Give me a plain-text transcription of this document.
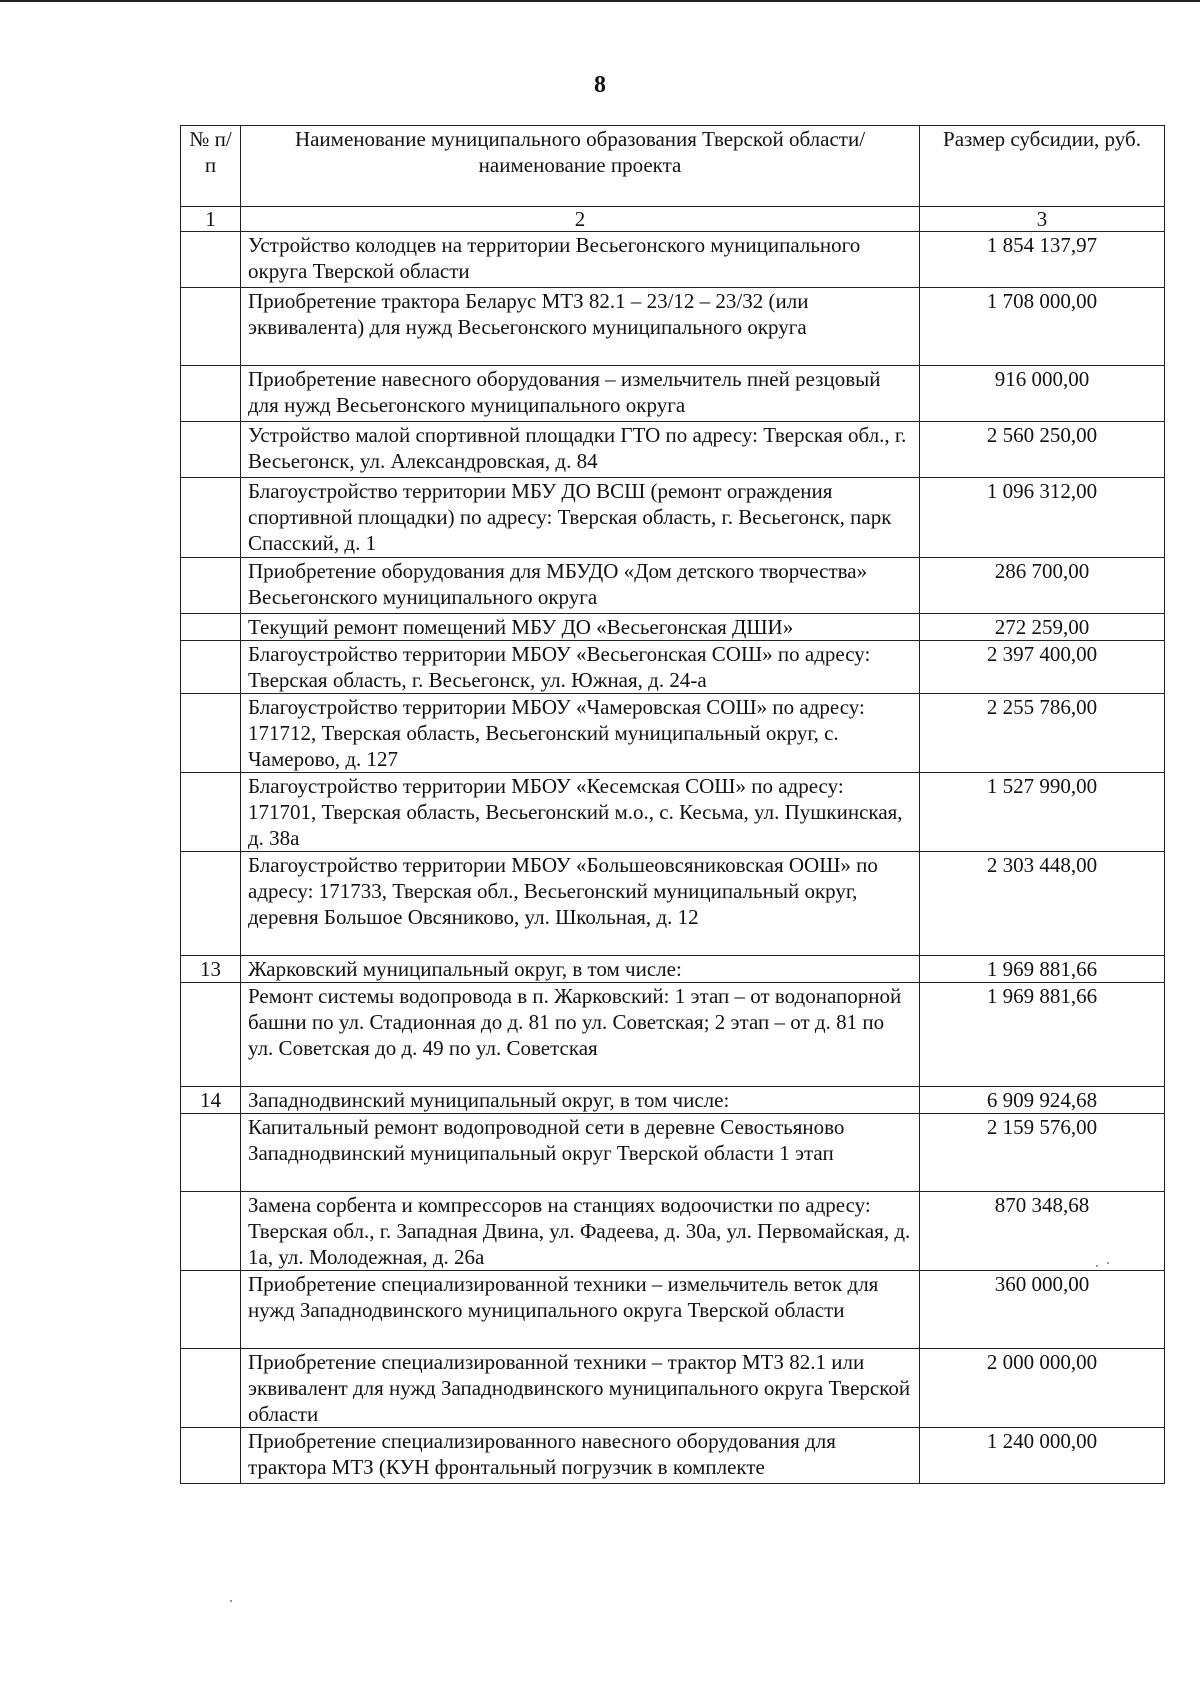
8
№ п/п	Наименование муниципального образования Тверской области/наименование проекта	Размер субсидии, руб.
1	2	3
	Устройство колодцев на территории Весьегонского муниципального округа Тверской области	1 854 137,97
	Приобретение трактора Беларус МТЗ 82.1 – 23/12 – 23/32 (или эквивалента) для нужд Весьегонского муниципального округа	1 708 000,00
	Приобретение навесного оборудования – измельчитель пней резцовый для нужд Весьегонского муниципального округа	916 000,00
	Устройство малой спортивной площадки ГТО по адресу: Тверская обл., г. Весьегонск, ул. Александровская, д. 84	2 560 250,00
	Благоустройство территории МБУ ДО ВСШ (ремонт ограждения спортивной площадки) по адресу: Тверская область, г. Весьегонск, парк Спасский, д. 1	1 096 312,00
	Приобретение оборудования для МБУДО «Дом детского творчества» Весьегонского муниципального округа	286 700,00
	Текущий ремонт помещений МБУ ДО «Весьегонская ДШИ»	272 259,00
	Благоустройство территории МБОУ «Весьегонская СОШ» по адресу: Тверская область, г. Весьегонск, ул. Южная, д. 24-а	2 397 400,00
	Благоустройство территории МБОУ «Чамеровская СОШ» по адресу: 171712, Тверская область, Весьегонский муниципальный округ, с. Чамерово, д. 127	2 255 786,00
	Благоустройство территории МБОУ «Кесемская СОШ» по адресу: 171701, Тверская область, Весьегонский м.о., с. Кесьма, ул. Пушкинская, д. 38а	1 527 990,00
	Благоустройство территории МБОУ «Большеовсяниковская ООШ» по адресу: 171733, Тверская обл., Весьегонский муниципальный округ, деревня Большое Овсяниково, ул. Школьная, д. 12	2 303 448,00
13	Жарковский муниципальный округ, в том числе:	1 969 881,66
	Ремонт системы водопровода в п. Жарковский: 1 этап – от водонапорной башни по ул. Стадионная до д. 81 по ул. Советская; 2 этап – от д. 81 по ул. Советская до д. 49 по ул. Советская	1 969 881,66
14	Западнодвинский муниципальный округ, в том числе:	6 909 924,68
	Капитальный ремонт водопроводной сети в деревне Севостьяново Западнодвинский муниципальный округ Тверской области 1 этап	2 159 576,00
	Замена сорбента и компрессоров на станциях водоочистки по адресу: Тверская обл., г. Западная Двина, ул. Фадеева, д. 30а, ул. Первомайская, д. 1а, ул. Молодежная, д. 26а	870 348,68
	Приобретение специализированной техники – измельчитель веток для нужд Западнодвинского муниципального округа Тверской области	360 000,00
	Приобретение специализированной техники – трактор МТЗ 82.1 или эквивалент для нужд Западнодвинского муниципального округа Тверской области	2 000 000,00
	Приобретение специализированного навесного оборудования для трактора МТЗ (КУН фронтальный погрузчик в комплекте	1 240 000,00
